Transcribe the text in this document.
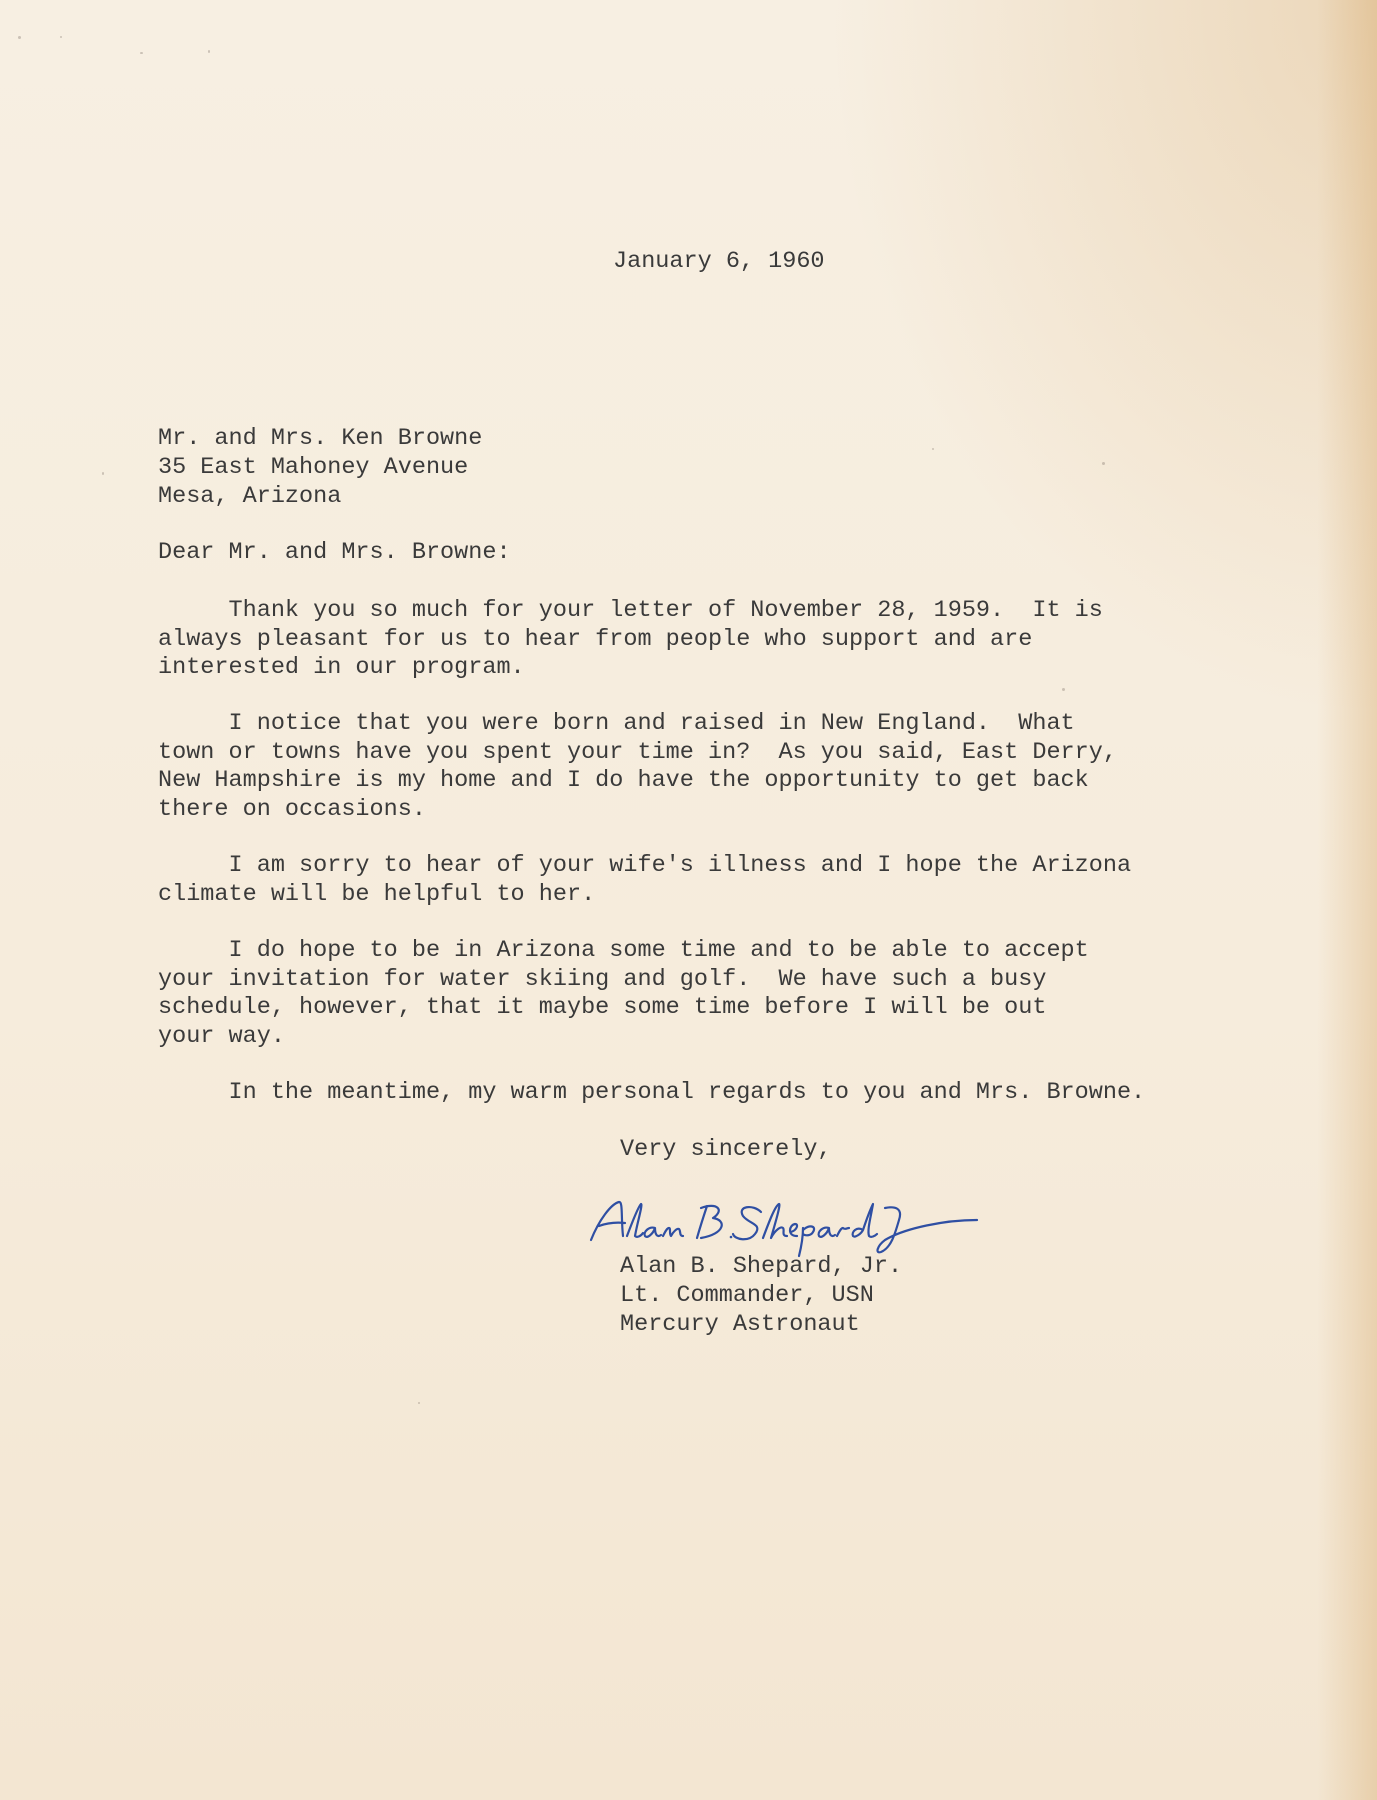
January 6, 1960
Mr. and Mrs. Ken Browne
35 East Mahoney Avenue
Mesa, Arizona
Dear Mr. and Mrs. Browne:
Thank you so much for your letter of November 28, 1959.  It is
always pleasant for us to hear from people who support and are
interested in our program.
I notice that you were born and raised in New England.  What
town or towns have you spent your time in?  As you said, East Derry,
New Hampshire is my home and I do have the opportunity to get back
there on occasions.
I am sorry to hear of your wife's illness and I hope the Arizona
climate will be helpful to her.
I do hope to be in Arizona some time and to be able to accept
your invitation for water skiing and golf.  We have such a busy
schedule, however, that it maybe some time before I will be out
your way.
In the meantime, my warm personal regards to you and Mrs. Browne.
Very sincerely,
Alan B. Shepard, Jr.
Lt. Commander, USN
Mercury Astronaut
